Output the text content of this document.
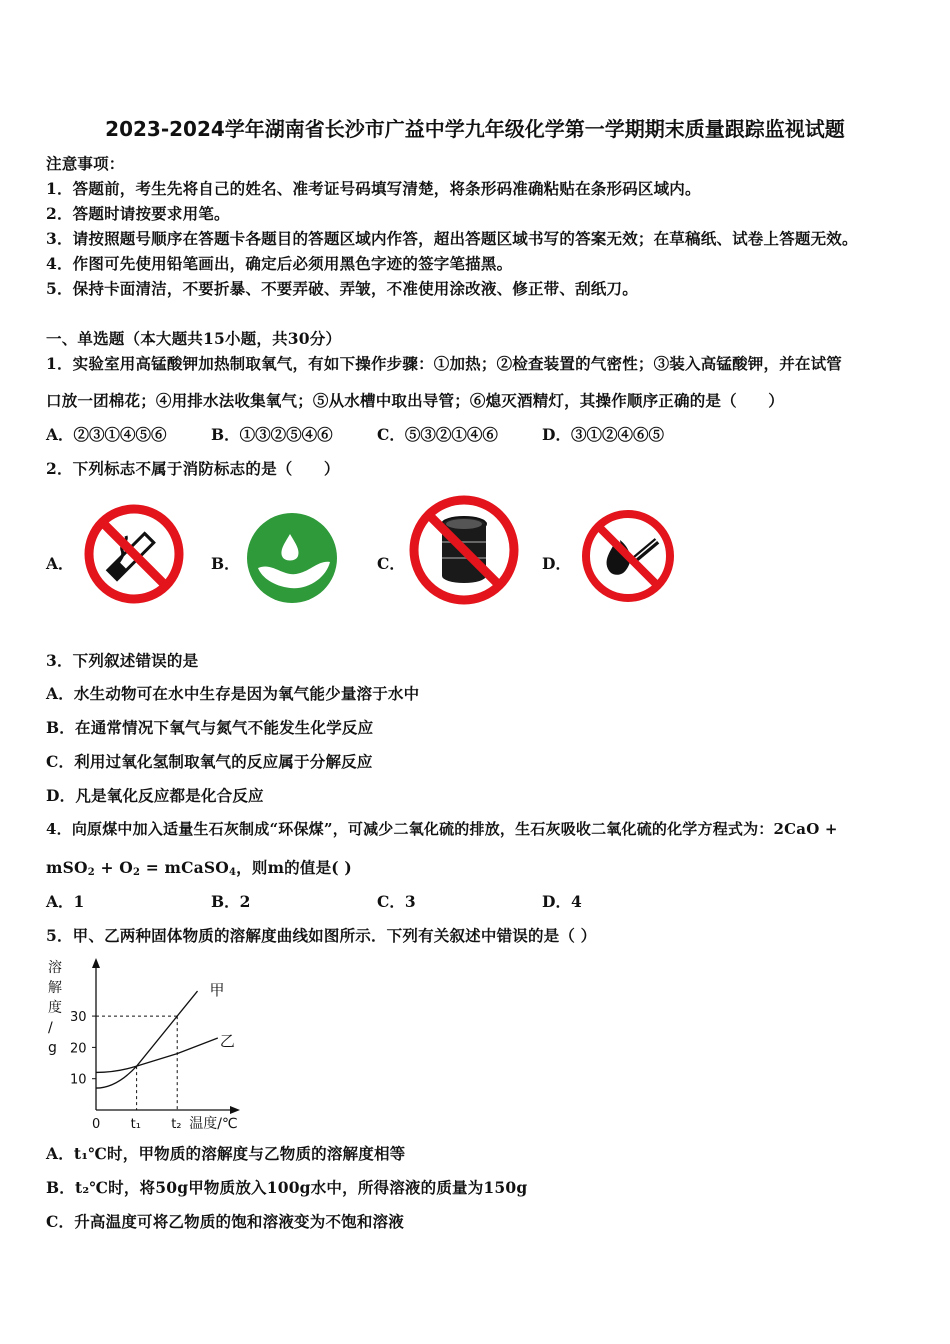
2023-2024学年湖南省长沙市广益中学九年级化学第一学期期末质量跟踪监视试题
注意事项：
1．答题前，考生先将自己的姓名、准考证号码填写清楚，将条形码准确粘贴在条形码区域内。
2．答题时请按要求用笔。
3．请按照题号顺序在答题卡各题目的答题区域内作答，超出答题区域书写的答案无效；在草稿纸、试卷上答题无效。
4．作图可先使用铅笔画出，确定后必须用黑色字迹的签字笔描黑。
5．保持卡面清洁，不要折暴、不要弄破、弄皱，不准使用涂改液、修正带、刮纸刀。
一、单选题（本大题共15小题，共30分）
1．实验室用高锰酸钾加热制取氧气，有如下操作步骤：①加热；②检查装置的气密性；③装入高锰酸钾，并在试管
口放一团棉花；④用排水法收集氧气；⑤从水槽中取出导管；⑥熄灭酒精灯，其操作顺序正确的是（　　）
A．②③①④⑤⑥	B．①③②⑤④⑥	C．⑤③②①④⑥	D．③①②④⑥⑤
2．下列标志不属于消防标志的是（　　）
A．	B．	C．	D．
3．下列叙述错误的是
A．水生动物可在水中生存是因为氧气能少量溶于水中
B．在通常情况下氧气与氮气不能发生化学反应
C．利用过氧化氢制取氧气的反应属于分解反应
D．凡是氧化反应都是化合反应
4．向原煤中加入适量生石灰制成“环保煤”，可减少二氧化硫的排放，生石灰吸收二氧化硫的化学方程式为：2CaO +
$mSO_2 + O_2$ = mCaSO$_4$，则m的值是( )
A．1	B．2	C．3	D．4
5．甲、乙两种固体物质的溶解度曲线如图所示．下列有关叙述中错误的是（ ）
溶
解
度
/
g
10
20
30
0 t₁ t₂ 温度/℃
甲
乙
A．t₁℃时，甲物质的溶解度与乙物质的溶解度相等
B．t₂℃时，将50g甲物质放入100g水中，所得溶液的质量为150g
C．升高温度可将乙物质的饱和溶液变为不饱和溶液
